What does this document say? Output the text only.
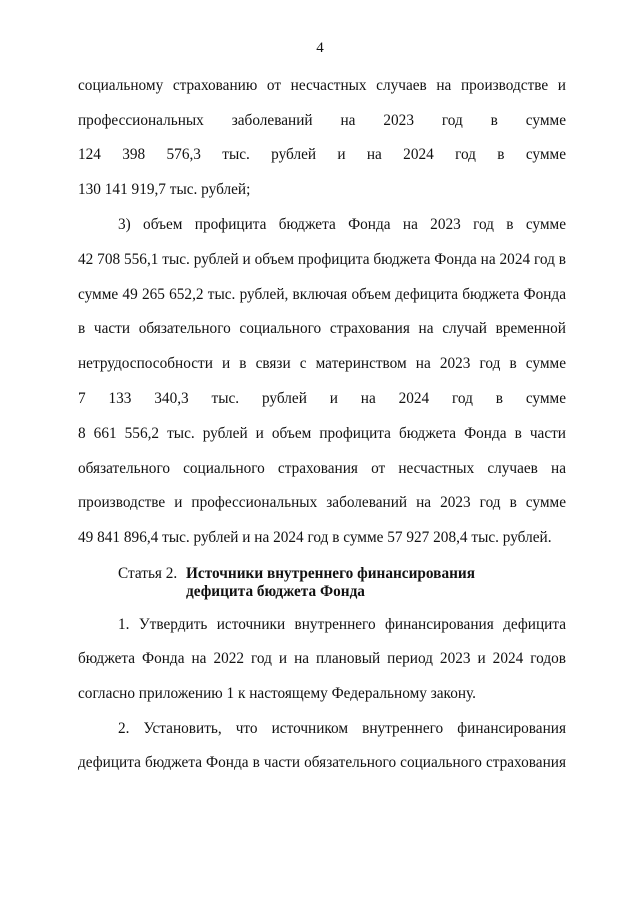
4
социальному страхованию от несчастных случаев на производстве и
профессиональных заболеваний на 2023 год в сумме
124 398 576,3 тыс. рублей и на 2024 год в сумме
130 141 919,7 тыс. рублей;
3) объем профицита бюджета Фонда на 2023 год в сумме
42 708 556,1 тыс. рублей и объем профицита бюджета Фонда на 2024 год в
сумме 49 265 652,2 тыс. рублей, включая объем дефицита бюджета Фонда
в части обязательного социального страхования на случай временной
нетрудоспособности и в связи с материнством на 2023 год в сумме
7 133 340,3 тыс. рублей и на 2024 год в сумме
8 661 556,2 тыс. рублей и объем профицита бюджета Фонда в части
обязательного социального страхования от несчастных случаев на
производстве и профессиональных заболеваний на 2023 год в сумме
49 841 896,4 тыс. рублей и на 2024 год в сумме 57 927 208,4 тыс. рублей.
Статья 2. Источники внутреннего финансирования
дефицита бюджета Фонда
1. Утвердить источники внутреннего финансирования дефицита
бюджета Фонда на 2022 год и на плановый период 2023 и 2024 годов
согласно приложению 1 к настоящему Федеральному закону.
2. Установить, что источником внутреннего финансирования
дефицита бюджета Фонда в части обязательного социального страхования
